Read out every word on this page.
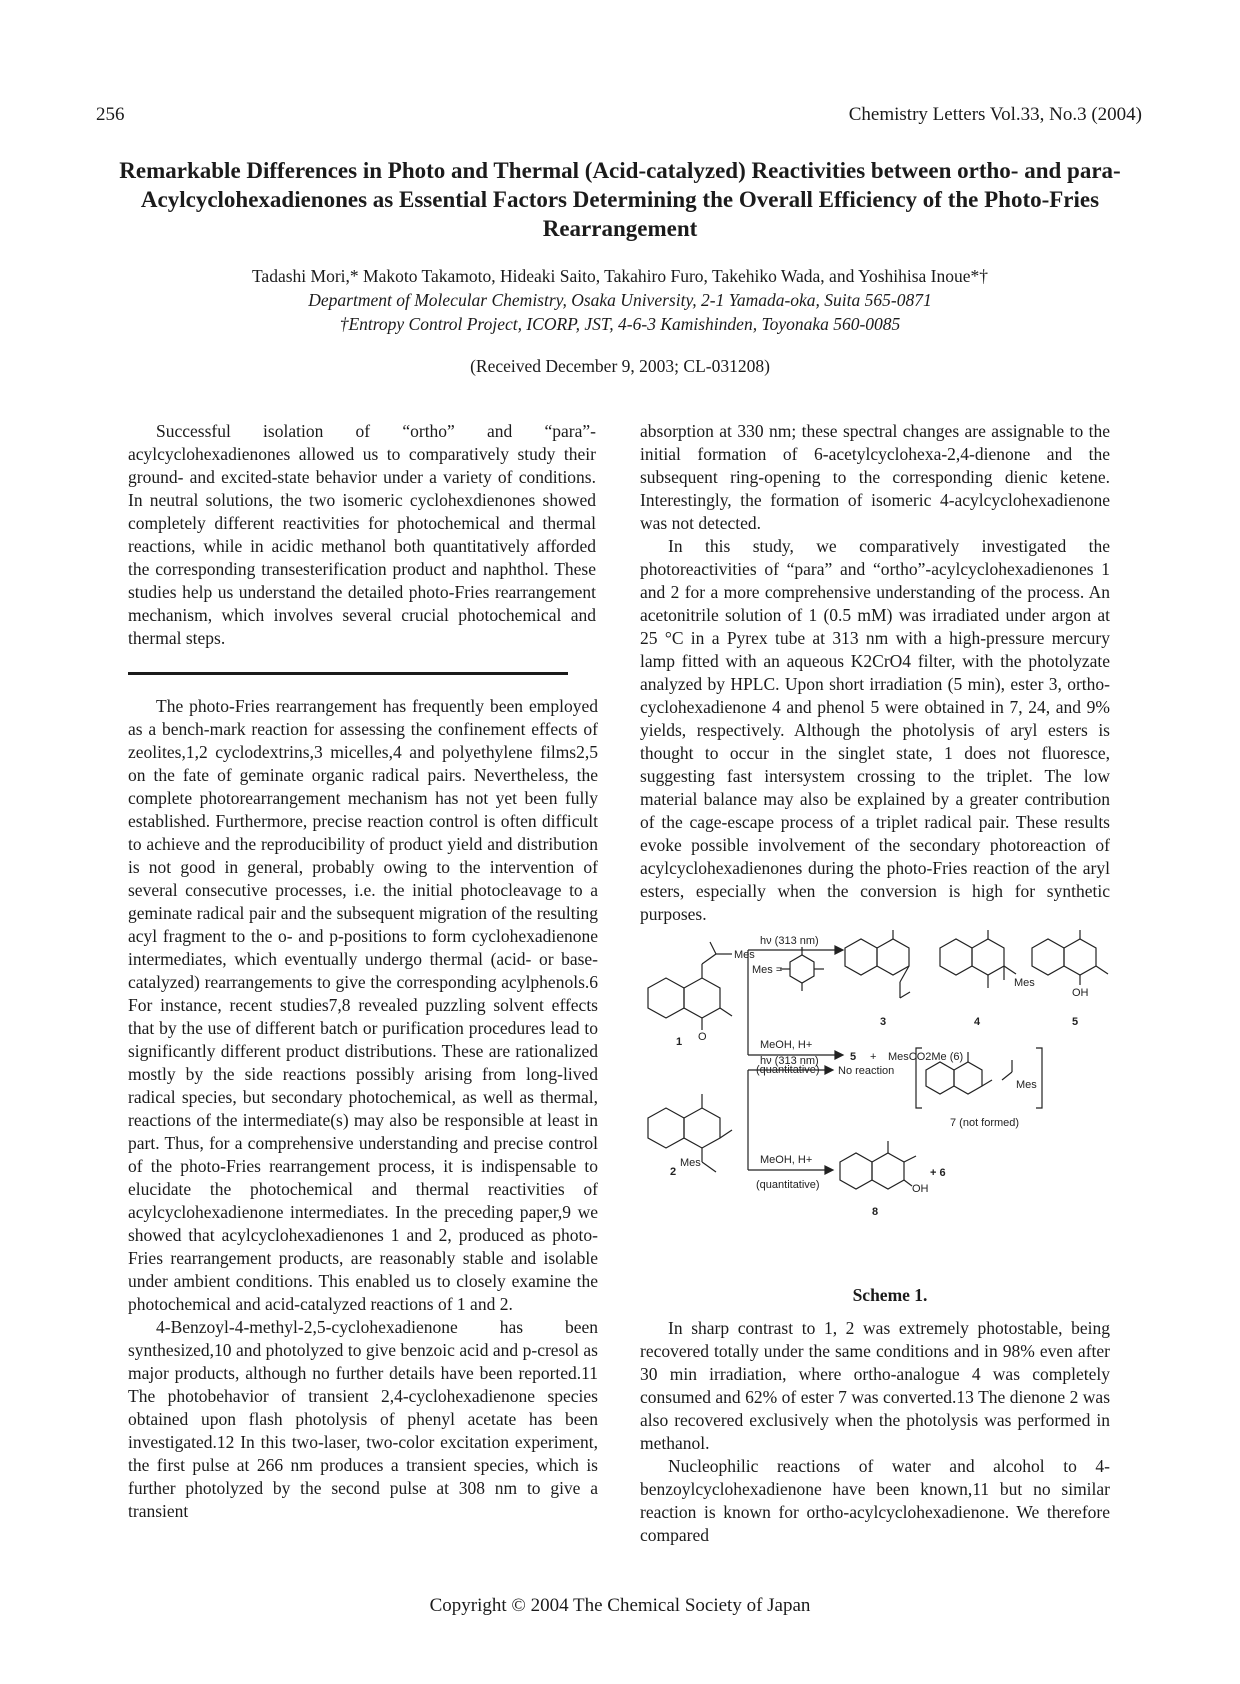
256	Chemistry Letters Vol.33, No.3 (2004)
Remarkable Differences in Photo and Thermal (Acid-catalyzed) Reactivities between ortho- and para-Acylcyclohexadienones as Essential Factors Determining the Overall Efficiency of the Photo-Fries Rearrangement
Tadashi Mori,* Makoto Takamoto, Hideaki Saito, Takahiro Furo, Takehiko Wada, and Yoshihisa Inoue*†
Department of Molecular Chemistry, Osaka University, 2-1 Yamada-oka, Suita 565-0871
†Entropy Control Project, ICORP, JST, 4-6-3 Kamishinden, Toyonaka 560-0085
(Received December 9, 2003; CL-031208)

Successful isolation of “ortho” and “para”-acylcyclohexadienones allowed us to comparatively study their ground- and excited-state behavior under a variety of conditions. In neutral solutions, the two isomeric cyclohexdienones showed completely different reactivities for photochemical and thermal reactions, while in acidic methanol both quantitatively afforded the corresponding transesterification product and naphthol. These studies help us understand the detailed photo-Fries rearrangement mechanism, which involves several crucial photochemical and thermal steps.

The photo-Fries rearrangement has frequently been employed as a bench-mark reaction for assessing the confinement effects of zeolites,1,2 cyclodextrins,3 micelles,4 and polyethylene films2,5 on the fate of geminate organic radical pairs. Nevertheless, the complete photorearrangement mechanism has not yet been fully established. Furthermore, precise reaction control is often difficult to achieve and the reproducibility of product yield and distribution is not good in general, probably owing to the intervention of several consecutive processes, i.e. the initial photocleavage to a geminate radical pair and the subsequent migration of the resulting acyl fragment to the o- and p-positions to form cyclohexadienone intermediates, which eventually undergo thermal (acid- or base-catalyzed) rearrangements to give the corresponding acylphenols.6 For instance, recent studies7,8 revealed puzzling solvent effects that by the use of different batch or purification procedures lead to significantly different product distributions. These are rationalized mostly by the side reactions possibly arising from long-lived radical species, but secondary photochemical, as well as thermal, reactions of the intermediate(s) may also be responsible at least in part. Thus, for a comprehensive understanding and precise control of the photo-Fries rearrangement process, it is indispensable to elucidate the photochemical and thermal reactivities of acylcyclohexadienone intermediates. In the preceding paper,9 we showed that acylcyclohexadienones 1 and 2, produced as photo-Fries rearrangement products, are reasonably stable and isolable under ambient conditions. This enabled us to closely examine the photochemical and acid-catalyzed reactions of 1 and 2.

4-Benzoyl-4-methyl-2,5-cyclohexadienone has been synthesized,10 and photolyzed to give benzoic acid and p-cresol as major products, although no further details have been reported.11 The photobehavior of transient 2,4-cyclohexadienone species obtained upon flash photolysis of phenyl acetate has been investigated.12 In this two-laser, two-color excitation experiment, the first pulse at 266 nm produces a transient species, which is further photolyzed by the second pulse at 308 nm to give a transient

absorption at 330 nm; these spectral changes are assignable to the initial formation of 6-acetylcyclohexa-2,4-dienone and the subsequent ring-opening to the corresponding dienic ketene. Interestingly, the formation of isomeric 4-acylcyclohexadienone was not detected.

In this study, we comparatively investigated the photoreactivities of “para” and “ortho”-acylcyclohexadienones 1 and 2 for a more comprehensive understanding of the process. An acetonitrile solution of 1 (0.5 mM) was irradiated under argon at 25 °C in a Pyrex tube at 313 nm with a high-pressure mercury lamp fitted with an aqueous K2CrO4 filter, with the photolyzate analyzed by HPLC. Upon short irradiation (5 min), ester 3, ortho-cyclohexadienone 4 and phenol 5 were obtained in 7, 24, and 9% yields, respectively. Although the photolysis of aryl esters is thought to occur in the singlet state, 1 does not fluoresce, suggesting fast intersystem crossing to the triplet. The low material balance may also be explained by a greater contribution of the cage-escape process of a triplet radical pair. These results evoke possible involvement of the secondary photoreaction of acylcyclohexadienones during the photo-Fries reaction of the aryl esters, especially when the conversion is high for synthetic purposes.

hν (313 nm)
Mes =
MeOH, H+
(quantitative)
5 + MesCO2Me (6)
hν (313 nm)
No reaction
7 (not formed)
MeOH, H+
(quantitative)
+ 6
1
2
3	4	5
8
Mes
OH
OH
O
Mes
Mes
Mes
Scheme 1.

In sharp contrast to 1, 2 was extremely photostable, being recovered totally under the same conditions and in 98% even after 30 min irradiation, where ortho-analogue 4 was completely consumed and 62% of ester 7 was converted.13 The dienone 2 was also recovered exclusively when the photolysis was performed in methanol.

Nucleophilic reactions of water and alcohol to 4-benzoylcyclohexadienone have been known,11 but no similar reaction is known for ortho-acylcyclohexadienone. We therefore compared

Copyright © 2004 The Chemical Society of Japan
